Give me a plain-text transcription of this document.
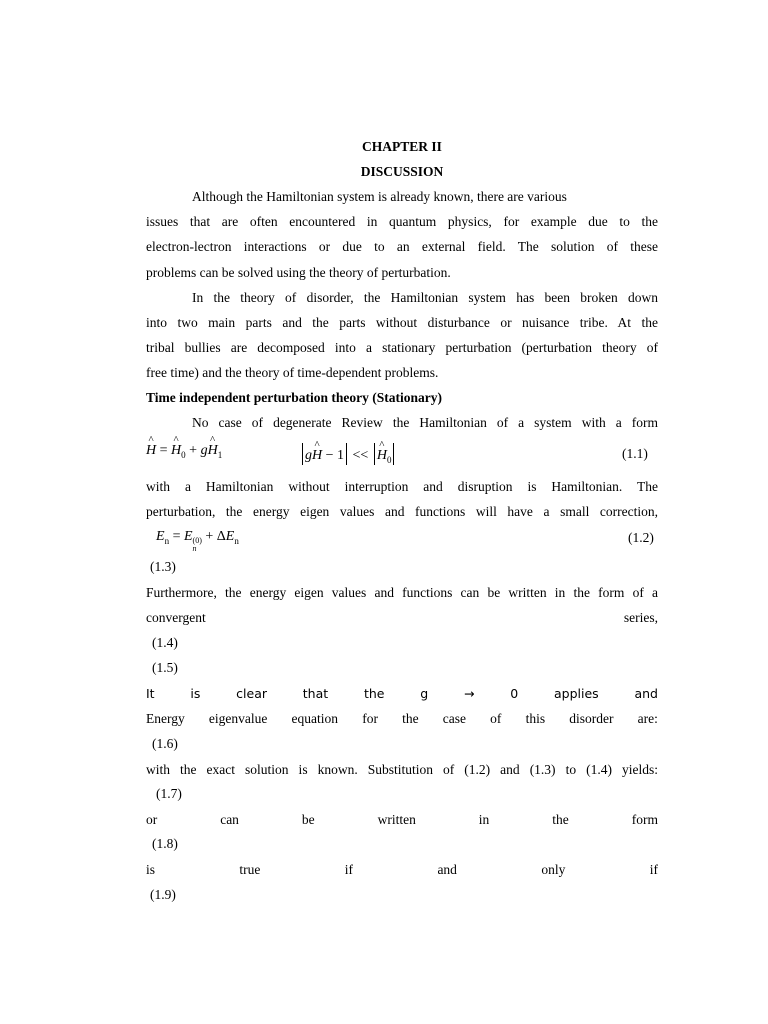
CHAPTER II
DISCUSSION
Although the Hamiltonian system is already known, there are various
issues that are often encountered in quantum physics, for example due to the
electron-lectron interactions or due to an external field. The solution of these
problems can be solved using the theory of perturbation.
In the theory of disorder, the Hamiltonian system has been broken down
into two main parts and the parts without disturbance or nuisance tribe. At the
tribal bullies are decomposed into a stationary perturbation (perturbation theory of
free time) and the theory of time-dependent problems.
Time independent perturbation theory (Stationary)
No case of degenerate Review the Hamiltonian of a system with a form
^ H = ^ $H_0$ + g^ $H_1$	g^ H − 1 << ^ $H_0$	(1.1)
with a Hamiltonian without interruption and disruption is Hamiltonian. The
perturbation, the energy eigen values and functions will have a small correction,
$E_n = E$ (0)
n
+ $\Delta E_n$	(1.2)
(1.3)
Furthermore, the energy eigen values and functions can be written in the form of a
convergent	series,
(1.4)
(1.5)
It	is	clear	that	the	g	→	0	applies	and
Energy eigenvalue equation for the case of this disorder are:
(1.6)
with the exact solution is known. Substitution of (1.2) and (1.3) to (1.4) yields:
(1.7)
or	can	be	written	in	the	form
(1.8)
is	true	if	and	only	if
(1.9)
